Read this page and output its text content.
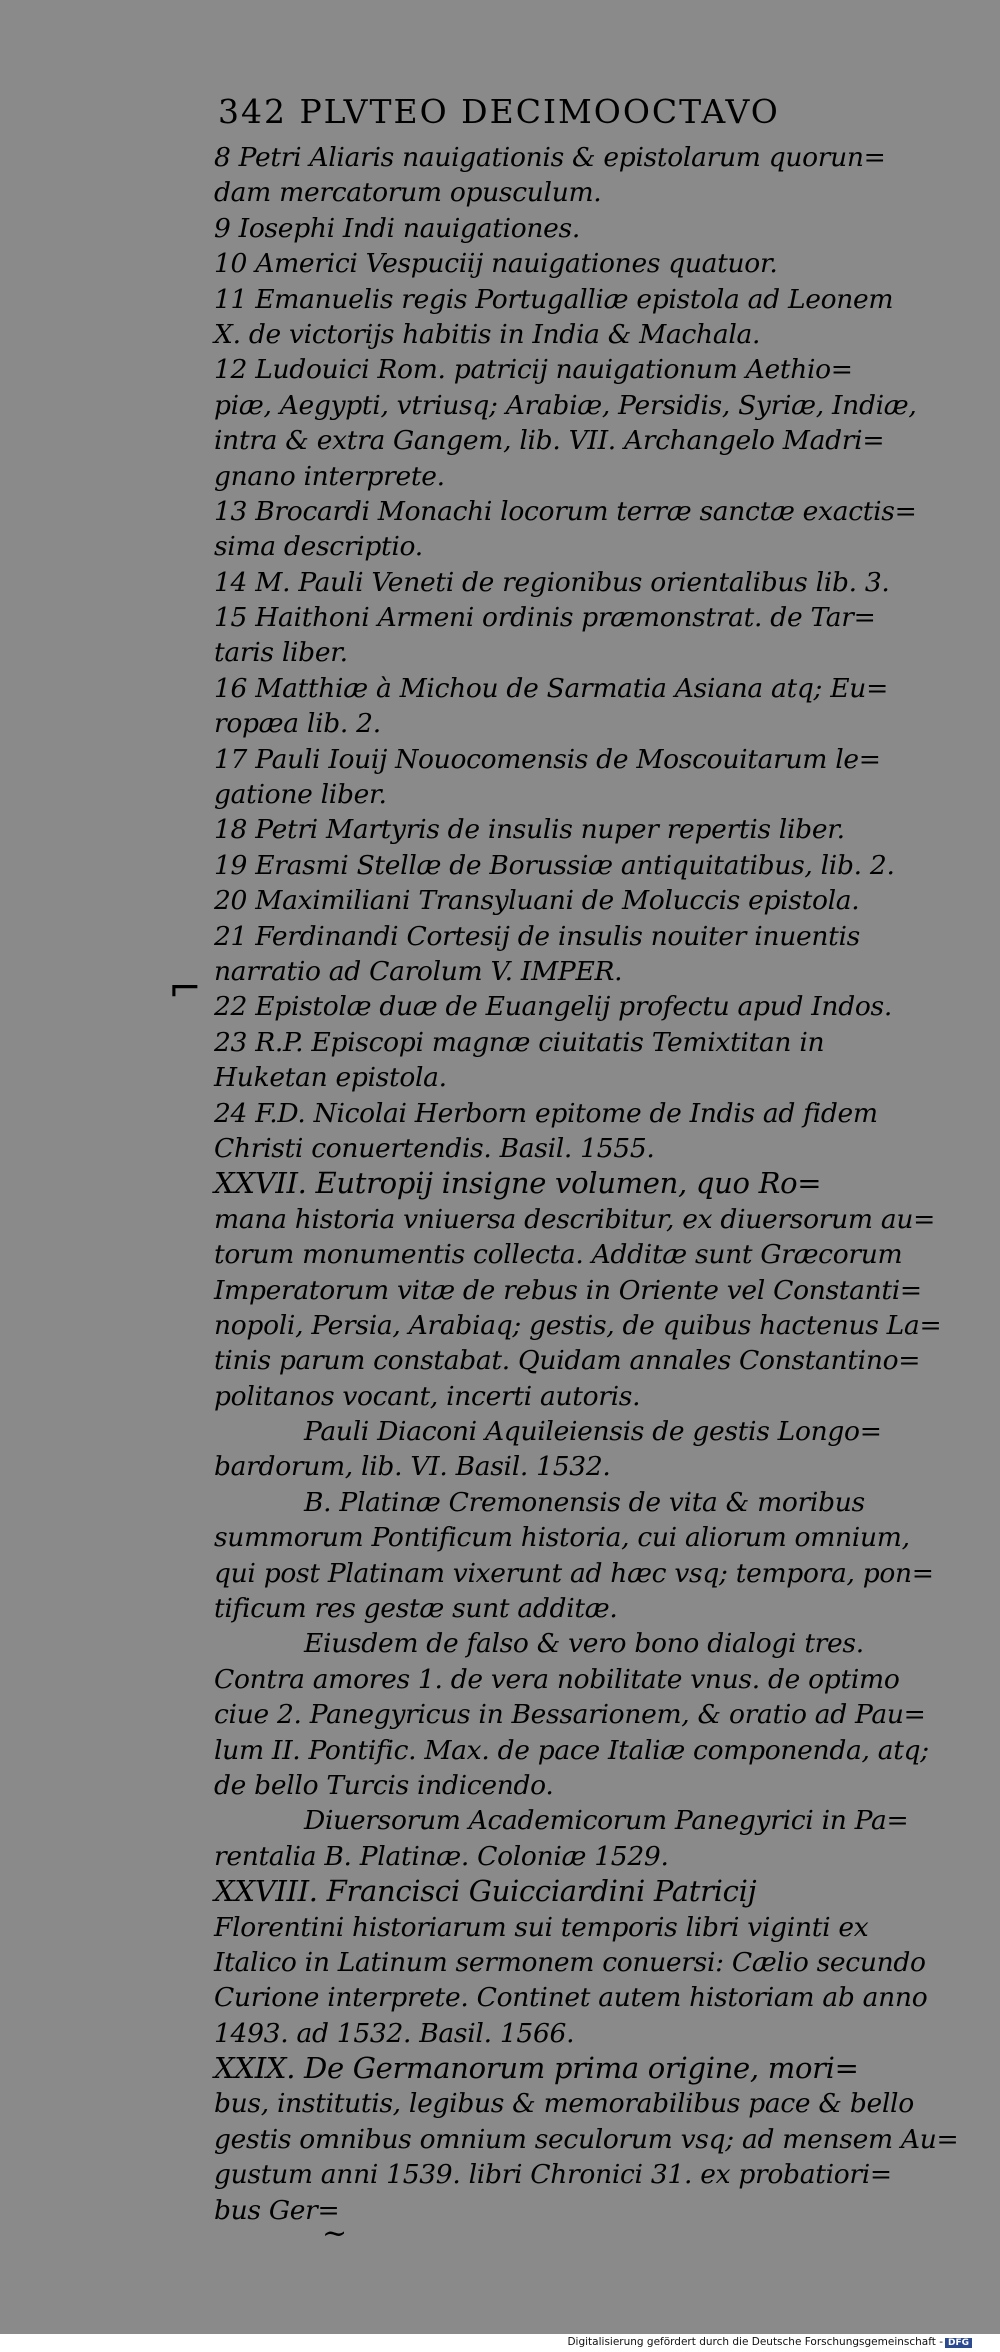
342 PLVTEO DECIMOOCTAVO
8 Petri Aliaris nauigationis & epistolarum quorun=
dam mercatorum opusculum.
9 Iosephi Indi nauigationes.
10 Americi Vespuciij nauigationes quatuor.
11 Emanuelis regis Portugalliæ epistola ad Leonem
X. de victorijs habitis in India & Machala.
12 Ludouici Rom. patricij nauigationum Aethio=
piæ, Aegypti, vtriusq; Arabiæ, Persidis, Syriæ, Indiæ,
intra & extra Gangem, lib. VII. Archangelo Madri=
gnano interprete.
13 Brocardi Monachi locorum terræ sanctæ exactis=
sima descriptio.
14 M. Pauli Veneti de regionibus orientalibus lib. 3.
15 Haithoni Armeni ordinis præmonstrat. de Tar=
taris liber.
16 Matthiæ à Michou de Sarmatia Asiana atq; Eu=
ropæa lib. 2.
17 Pauli Iouij Nouocomensis de Moscouitarum le=
gatione liber.
18 Petri Martyris de insulis nuper repertis liber.
19 Erasmi Stellæ de Borussiæ antiquitatibus, lib. 2.
20 Maximiliani Transyluani de Moluccis epistola.
21 Ferdinandi Cortesij de insulis nouiter inuentis
narratio ad Carolum V. IMPER.
22 Epistolæ duæ de Euangelij profectu apud Indos.
23 R.P. Episcopi magnæ ciuitatis Temixtitan in
Huketan epistola.
24 F.D. Nicolai Herborn epitome de Indis ad fidem
Christi conuertendis. Basil. 1555.
XXVII. Eutropij insigne volumen, quo Ro=
mana historia vniuersa describitur, ex diuersorum au=
torum monumentis collecta. Additæ sunt Græcorum
Imperatorum vitæ de rebus in Oriente vel Constanti=
nopoli, Persia, Arabiaq; gestis, de quibus hactenus La=
tinis parum constabat. Quidam annales Constantino=
politanos vocant, incerti autoris.
Pauli Diaconi Aquileiensis de gestis Longo=
bardorum, lib. VI. Basil. 1532.
B. Platinæ Cremonensis de vita & moribus
summorum Pontificum historia, cui aliorum omnium,
qui post Platinam vixerunt ad hæc vsq; tempora, pon=
tificum res gestæ sunt additæ.
Eiusdem de falso & vero bono dialogi tres.
Contra amores 1. de vera nobilitate vnus. de optimo
ciue 2. Panegyricus in Bessarionem, & oratio ad Pau=
lum II. Pontific. Max. de pace Italiæ componenda, atq;
de bello Turcis indicendo.
Diuersorum Academicorum Panegyrici in Pa=
rentalia B. Platinæ. Coloniæ 1529.
XXVIII. Francisci Guicciardini Patricij
Florentini historiarum sui temporis libri viginti ex
Italico in Latinum sermonem conuersi: Cælio secundo
Curione interprete. Continet autem historiam ab anno
1493. ad 1532. Basil. 1566.
XXIX. De Germanorum prima origine, mori=
bus, institutis, legibus & memorabilibus pace & bello
gestis omnibus omnium seculorum vsq; ad mensem Au=
gustum anni 1539. libri Chronici 31. ex probatiori=
bus Ger=
⌐
~
Digitalisierung gefördert durch die Deutsche Forschungsgemeinschaft - DFG
